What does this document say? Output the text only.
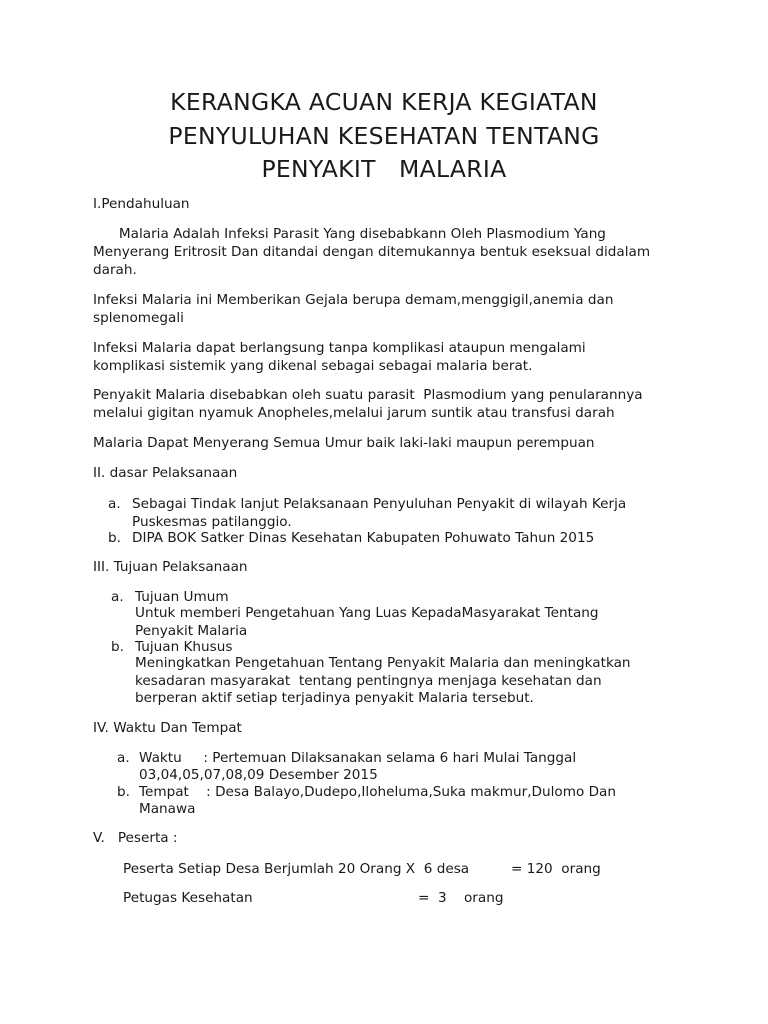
KERANGKA ACUAN KERJA KEGIATAN
PENYULUHAN KESEHATAN TENTANG
PENYAKIT   MALARIA
I.Pendahuluan
Malaria Adalah Infeksi Parasit Yang disebabkann Oleh Plasmodium Yang
Menyerang Eritrosit Dan ditandai dengan ditemukannya bentuk eseksual didalam
darah.
Infeksi Malaria ini Memberikan Gejala berupa demam,menggigil,anemia dan
splenomegali
Infeksi Malaria dapat berlangsung tanpa komplikasi ataupun mengalami
komplikasi sistemik yang dikenal sebagai sebagai malaria berat.
Penyakit Malaria disebabkan oleh suatu parasit  Plasmodium yang penularannya
melalui gigitan nyamuk Anopheles,melalui jarum suntik atau transfusi darah
Malaria Dapat Menyerang Semua Umur baik laki-laki maupun perempuan
II. dasar Pelaksanaan
a. Sebagai Tindak lanjut Pelaksanaan Penyuluhan Penyakit di wilayah Kerja
Puskesmas patilanggio.
b. DIPA BOK Satker Dinas Kesehatan Kabupaten Pohuwato Tahun 2015
III. Tujuan Pelaksanaan
a. Tujuan Umum
Untuk memberi Pengetahuan Yang Luas KepadaMasyarakat Tentang
Penyakit Malaria
b. Tujuan Khusus
Meningkatkan Pengetahuan Tentang Penyakit Malaria dan meningkatkan
kesadaran masyarakat  tentang pentingnya menjaga kesehatan dan
berperan aktif setiap terjadinya penyakit Malaria tersebut.
IV. Waktu Dan Tempat
a. Waktu     : Pertemuan Dilaksanakan selama 6 hari Mulai Tanggal
03,04,05,07,08,09 Desember 2015
b. Tempat    : Desa Balayo,Dudepo,Iloheluma,Suka makmur,Dulomo Dan
Manawa
V.   Peserta :
Peserta Setiap Desa Berjumlah 20 Orang X  6 desa	= 120  orang
Petugas Kesehatan	=  3    orang
